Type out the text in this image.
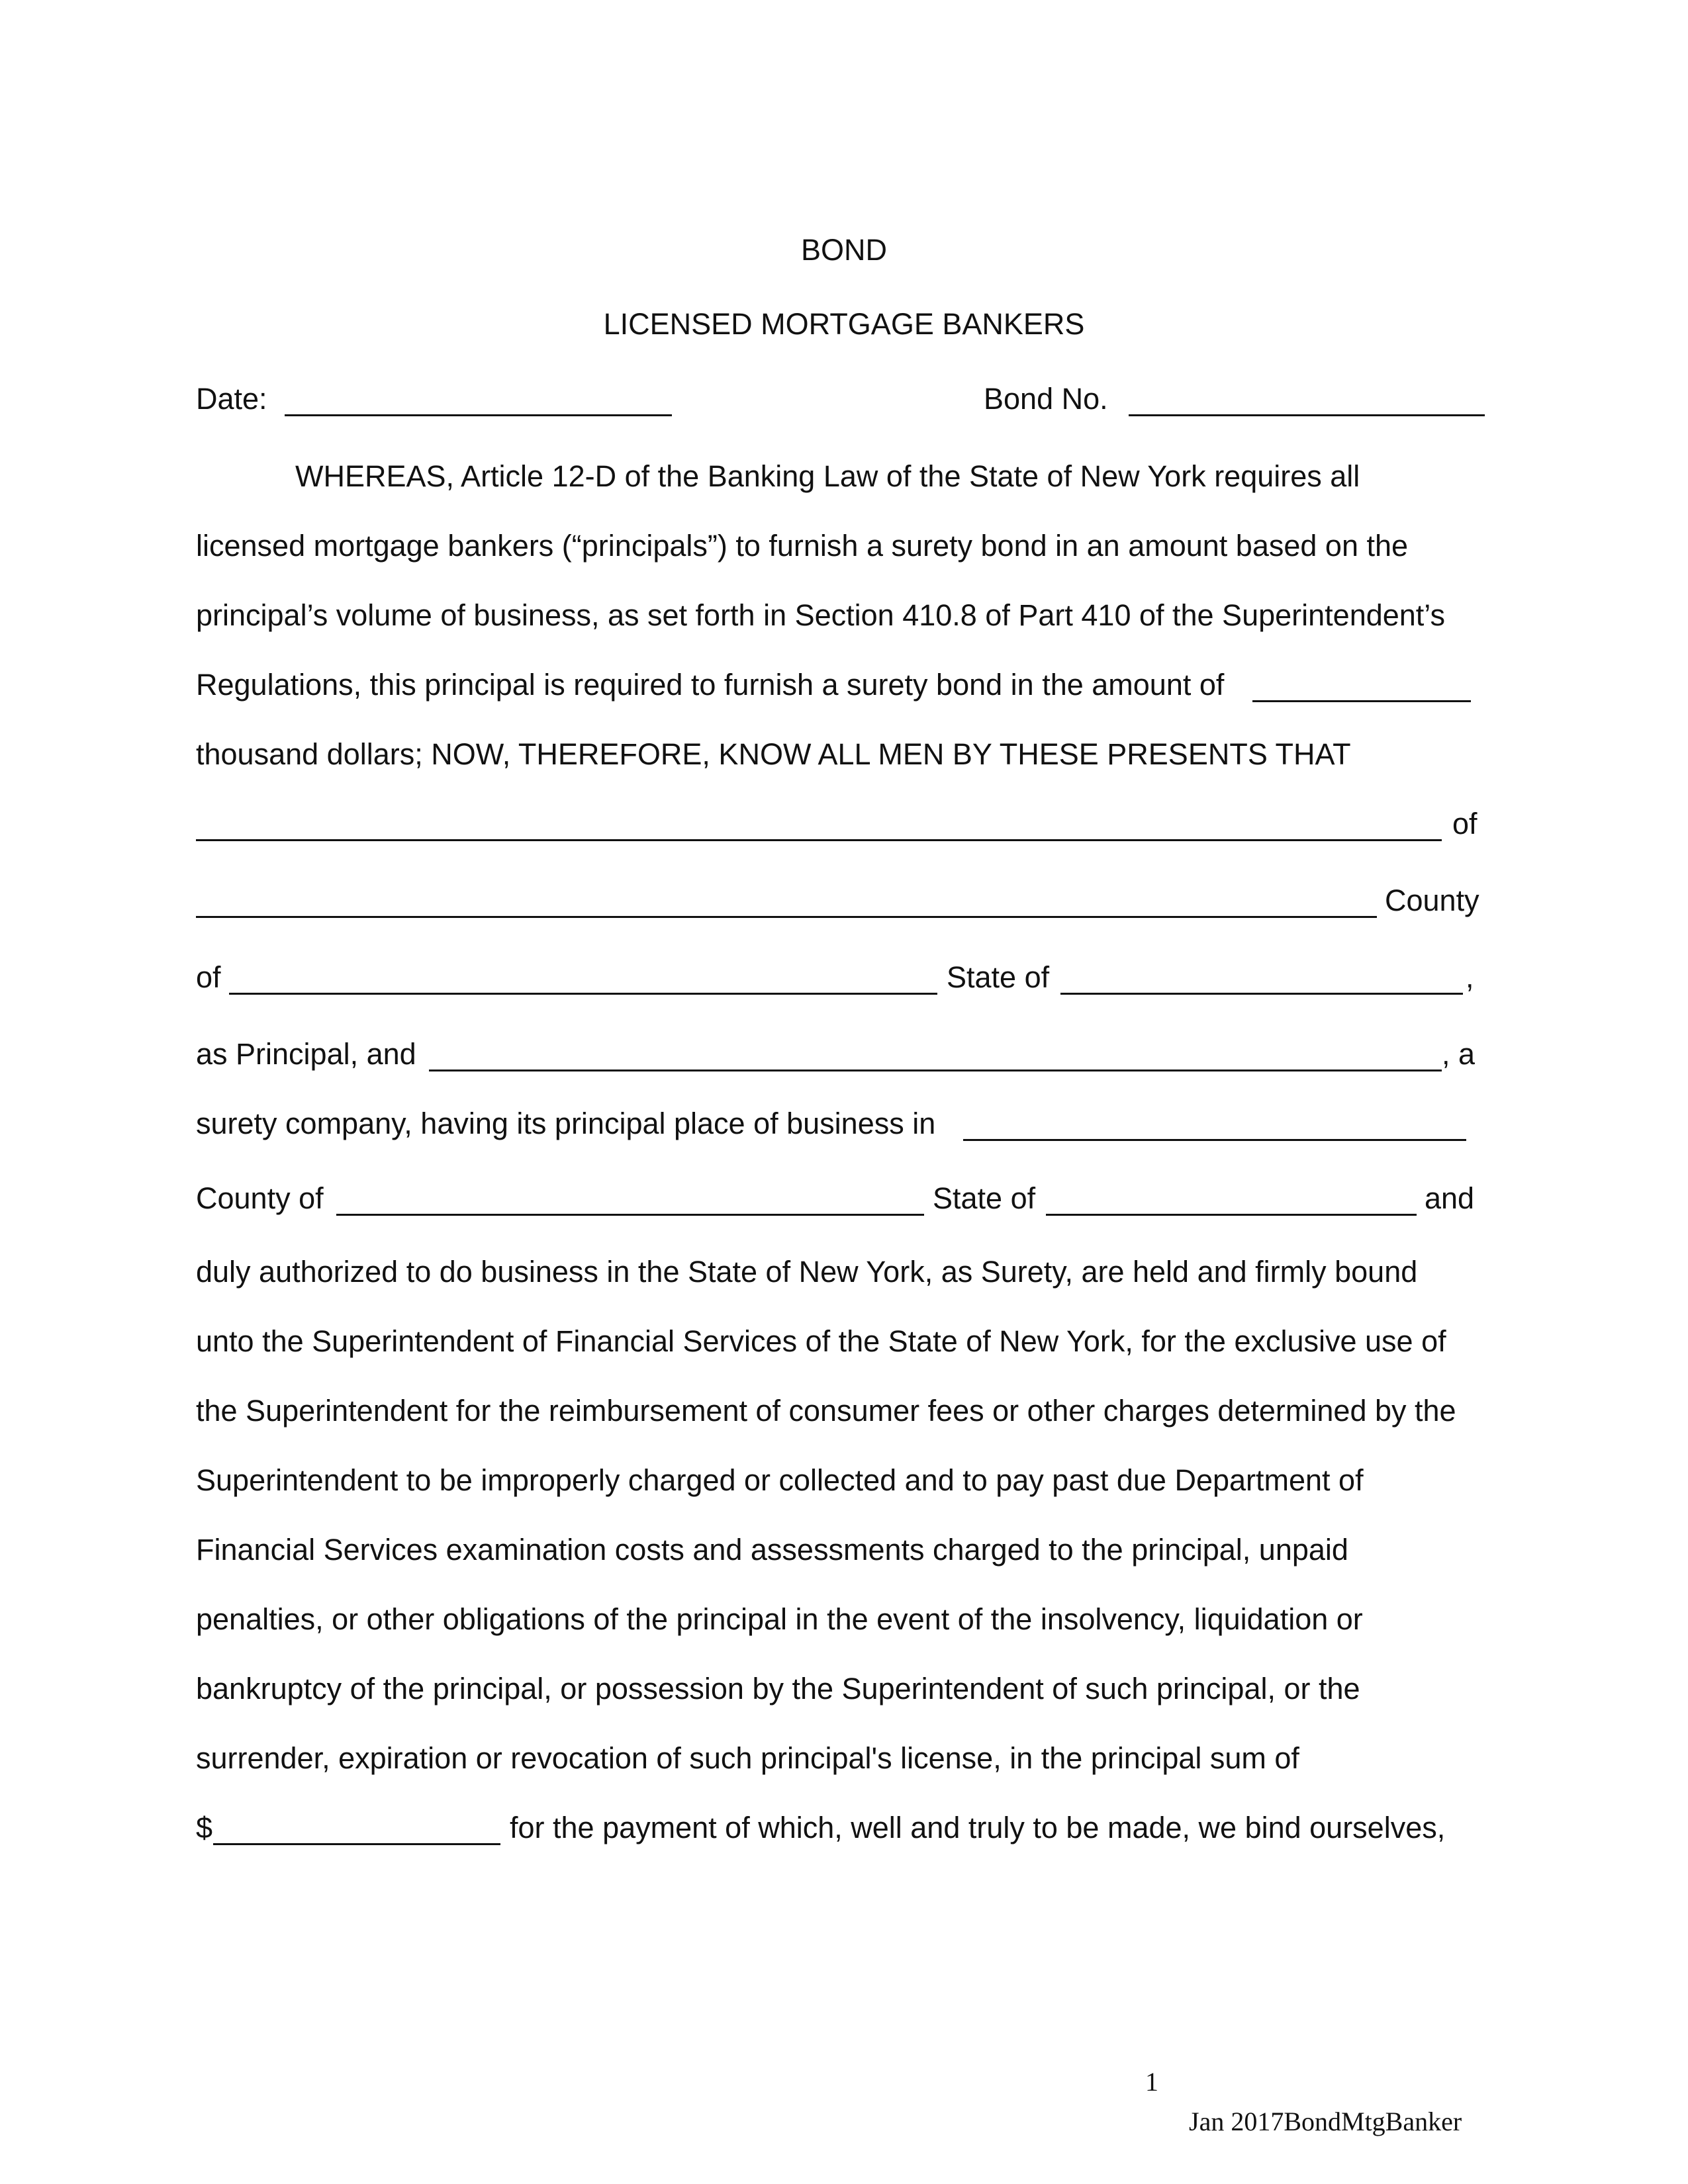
BOND
LICENSED MORTGAGE BANKERS
Date:	Bond No.
WHEREAS, Article 12-D of the Banking Law of the State of New York requires all
licensed mortgage bankers (“principals”) to furnish a surety bond in an amount based on the
principal’s volume of business, as set forth in Section 410.8 of Part 410 of the Superintendent’s
Regulations, this principal is required to furnish a surety bond in the amount of
thousand dollars; NOW, THEREFORE, KNOW ALL MEN BY THESE PRESENTS THAT
of
County
of	State of	,
as Principal, and	, a
surety company, having its principal place of business in
County of	State of	and
duly authorized to do business in the State of New York, as Surety, are held and firmly bound
unto the Superintendent of Financial Services of the State of New York, for the exclusive use of
the Superintendent for the reimbursement of consumer fees or other charges determined by the
Superintendent to be improperly charged or collected and to pay past due Department of
Financial Services examination costs and assessments charged to the principal, unpaid
penalties, or other obligations of the principal in the event of the insolvency, liquidation or
bankruptcy of the principal, or possession by the Superintendent of such principal, or the
surrender, expiration or revocation of such principal's license, in the principal sum of
$	for the payment of which, well and truly to be made, we bind ourselves,
1
Jan 2017BondMtgBanker
